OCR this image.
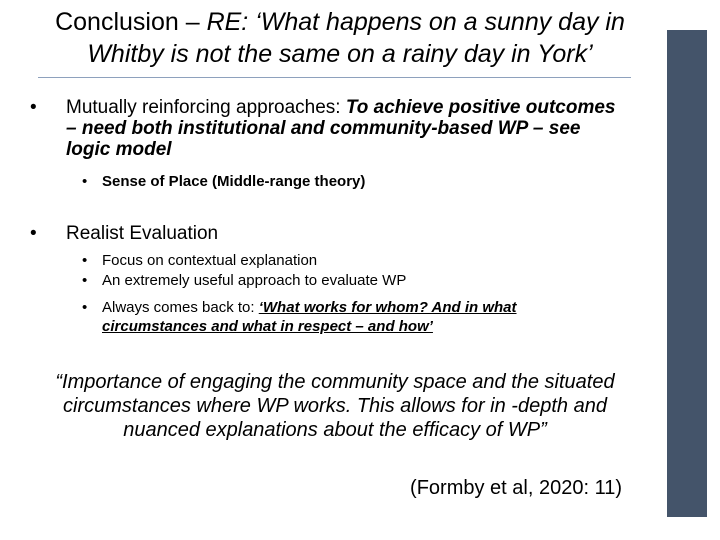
Conclusion – RE: ‘What happens on a sunny day in
Whitby is not the same on a rainy day in York’
• Mutually reinforcing approaches: To achieve positive outcomes – need both institutional and community-based WP – see logic model
• Sense of Place (Middle-range theory)
• Realist Evaluation
• Focus on contextual explanation
• An extremely useful approach to evaluate WP
• Always comes back to: ‘What works for whom? And in what circumstances and what in respect – and how’
“Importance of engaging the community space and the situated circumstances where WP works. This allows for in -depth and nuanced explanations about the efficacy of WP”
(Formby et al, 2020: 11)
